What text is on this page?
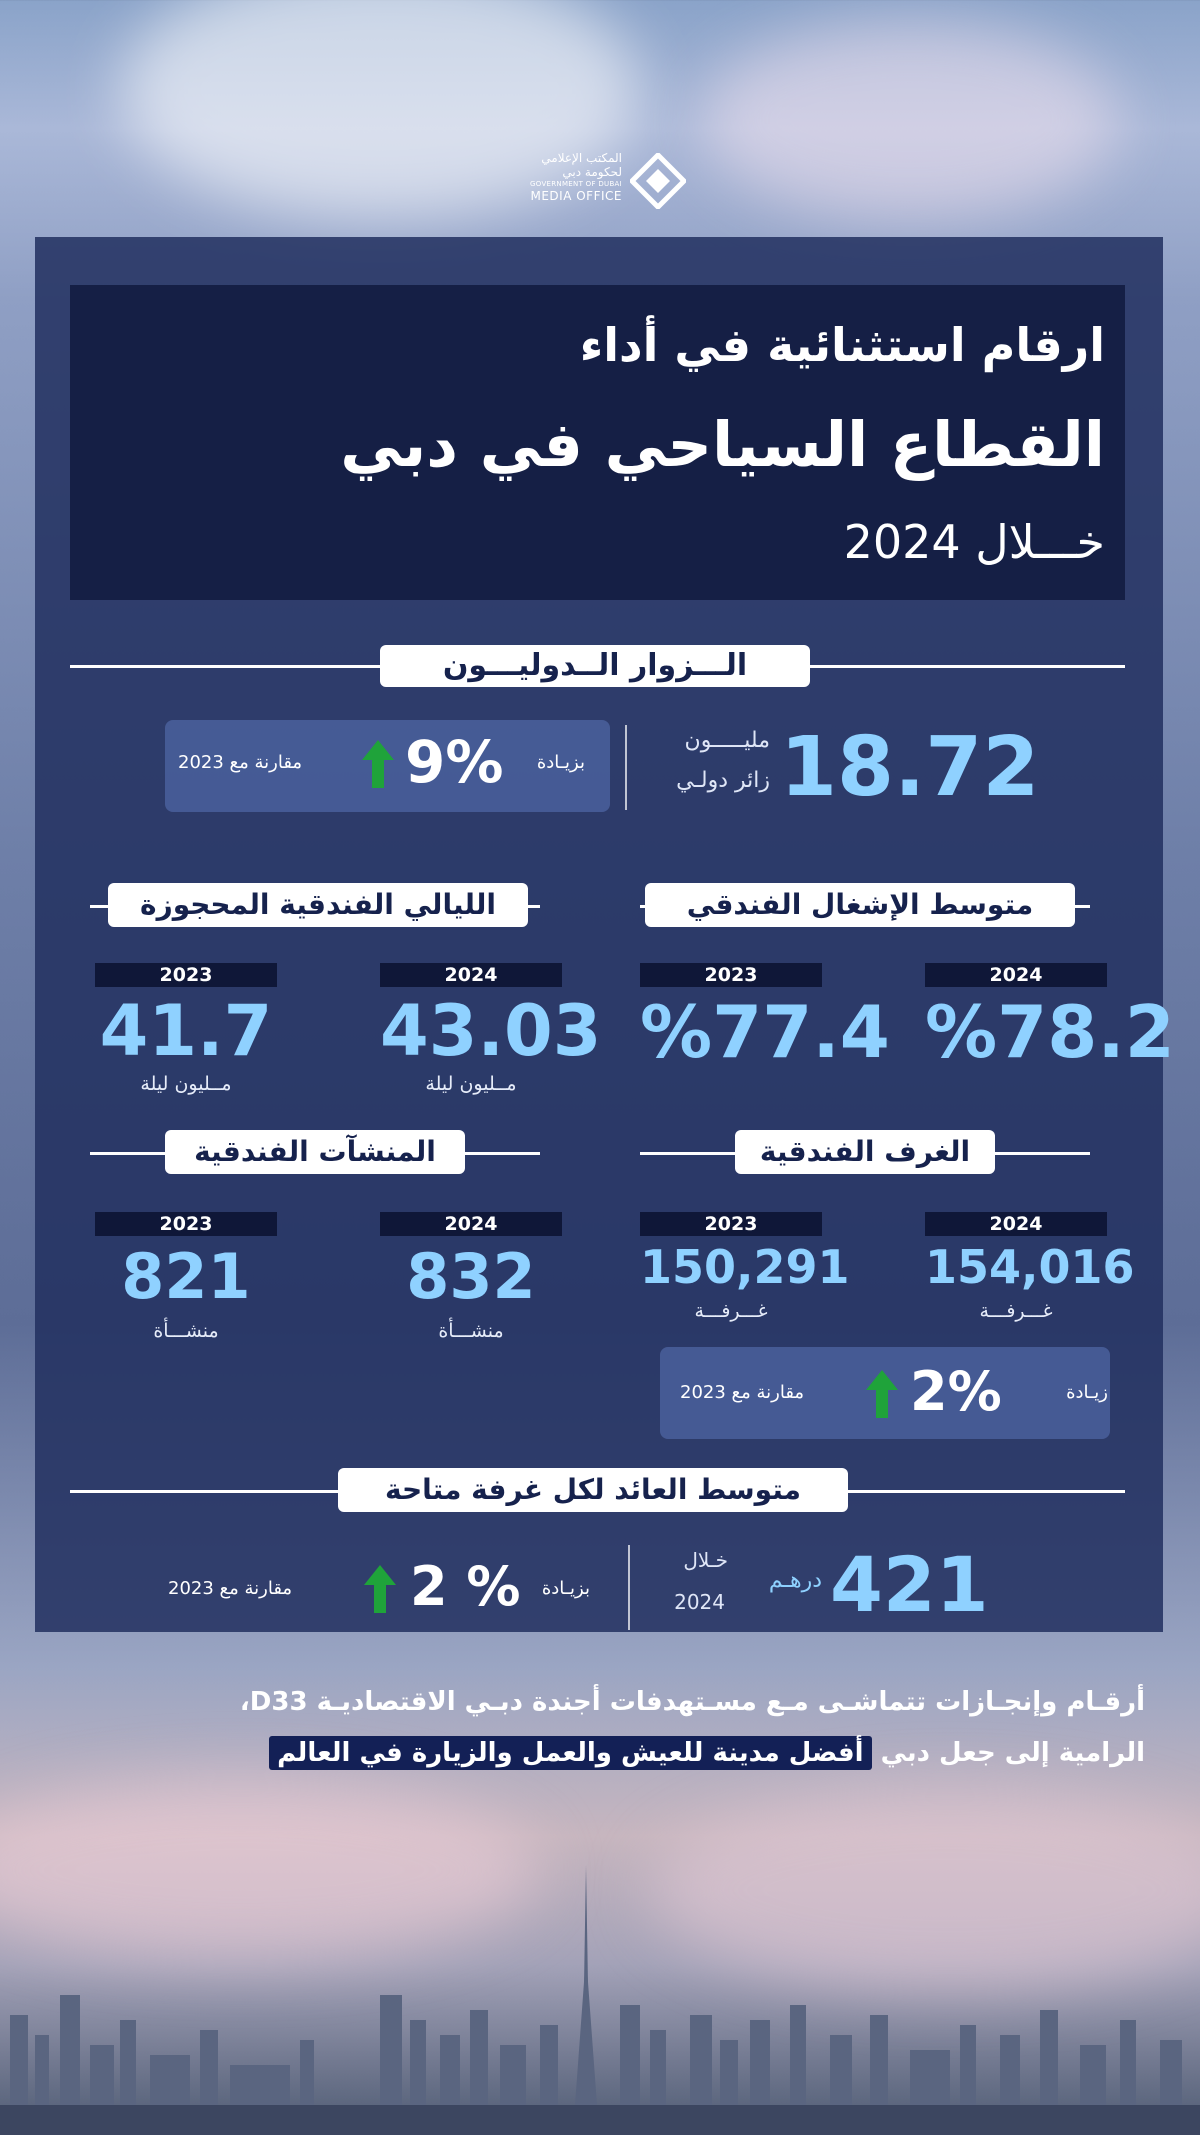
المكتب الإعلامي
لحكومة دبي
GOVERNMENT OF DUBAI
MEDIA OFFICE
ارقام استثنائية في أداء
القطاع السياحي في دبي
خـــلال 2024
الـــزوار الــدوليـــون
18.72
مليـــــون
زائر دولـي
بزيـادة
9%
مقارنة مع 2023
متوسط الإشغال الفندقي
الليالي الفندقية المحجوزة
2024
%78.2
2023
%77.4
2024
43.03
مــليون ليلة
2023
41.7
مــليون ليلة
الغرف الفندقية
المنشآت الفندقية
2024
154,016
غـــرفـــة
2023
150,291
غـــرفـــة
2024
832
منشـــأة
2023
821
منشـــأة
زيـادة
2%
مقارنة مع 2023
متوسط العائد لكل غرفة متاحة
421
درهـم
خـلال
2024
بزيـادة
2 %
مقارنة مع 2023
أرقـام وإنجـازات تتماشـى مـع مسـتهدفات أجندة دبـي الاقتصاديـة D33،
الرامية إلى جعل دبي أفضل مدينة للعيش والعمل والزيارة في العالم
